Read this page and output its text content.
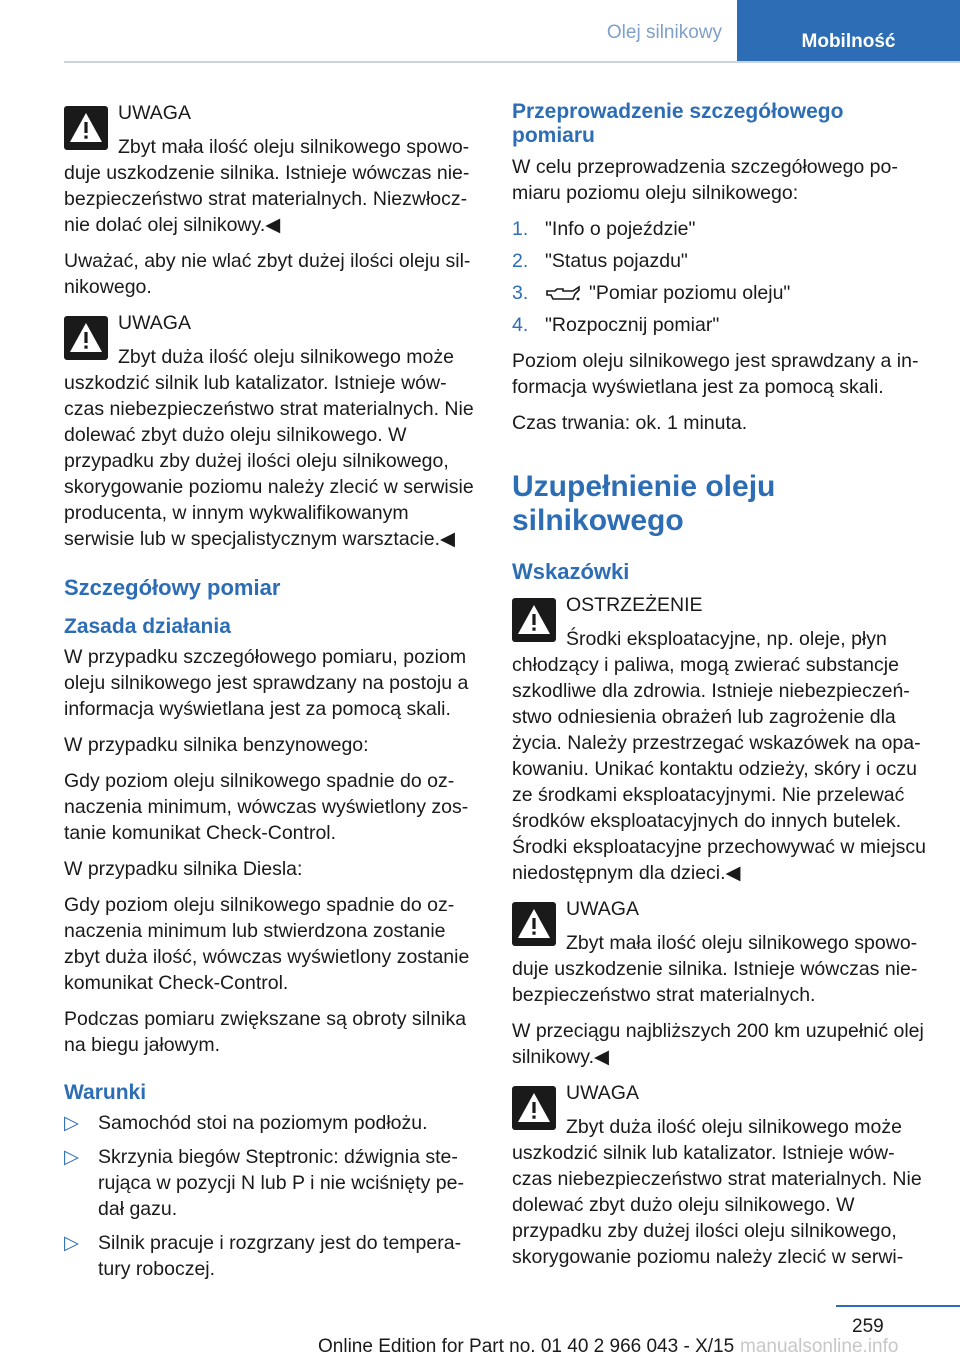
Olej silnikowy	Mobilność
UWAGA

Zbyt mała ilość oleju silnikowego spowoduje uszkodzenie silnika. Istnieje wówczas niebezpieczeństwo strat materialnych. Niezwłocznie dolać olej silnikowy.◀

Uważać, aby nie wlać zbyt dużej ilości oleju silnikowego.

UWAGA

Zbyt duża ilość oleju silnikowego może uszkodzić silnik lub katalizator. Istnieje wówczas niebezpieczeństwo strat materialnych. Nie dolewać zbyt dużo oleju silnikowego. W przypadku zby dużej ilości oleju silnikowego, skorygowanie poziomu należy zlecić w serwisie producenta, w innym wykwalifikowanym serwisie lub w specjalistycznym warsztacie.◀

Szczegółowy pomiar
Zasada działania

W przypadku szczegółowego pomiaru, poziom oleju silnikowego jest sprawdzany na postoju a informacja wyświetlana jest za pomocą skali.

W przypadku silnika benzynowego:

Gdy poziom oleju silnikowego spadnie do oznaczenia minimum, wówczas wyświetlony zostanie komunikat Check-Control.

W przypadku silnika Diesla:

Gdy poziom oleju silnikowego spadnie do oznaczenia minimum lub stwierdzona zostanie zbyt duża ilość, wówczas wyświetlony zostanie komunikat Check-Control.

Podczas pomiaru zwiększane są obroty silnika na biegu jałowym.

Warunki
▷ Samochód stoi na poziomym podłożu.
▷ Skrzynia biegów Steptronic: dźwignia sterująca w pozycji N lub P i nie wciśnięty pedał gazu.
▷ Silnik pracuje i rozgrzany jest do temperatury roboczej.
Przeprowadzenie szczegółowego pomiaru

W celu przeprowadzenia szczegółowego pomiaru poziomu oleju silnikowego:

1. "Info o pojeździe"
2. "Status pojazdu"
3.	"Pomiar poziomu oleju"
4. "Rozpocznij pomiar"

Poziom oleju silnikowego jest sprawdzany a informacja wyświetlana jest za pomocą skali.

Czas trwania: ok. 1 minuta.

Uzupełnienie oleju silnikowego
Wskazówki
OSTRZEŻENIE

Środki eksploatacyjne, np. oleje, płyn chłodzący i paliwa, mogą zwierać substancje szkodliwe dla zdrowia. Istnieje niebezpieczeństwo odniesienia obrażeń lub zagrożenie dla życia. Należy przestrzegać wskazówek na opakowaniu. Unikać kontaktu odzieży, skóry i oczu ze środkami eksploatacyjnymi. Nie przelewać środków eksploatacyjnych do innych butelek. Środki eksploatacyjne przechowywać w miejscu niedostępnym dla dzieci.◀

UWAGA

Zbyt mała ilość oleju silnikowego spowoduje uszkodzenie silnika. Istnieje wówczas niebezpieczeństwo strat materialnych.

W przeciągu najbliższych 200 km uzupełnić olej silnikowy.◀

UWAGA

Zbyt duża ilość oleju silnikowego może uszkodzić silnik lub katalizator. Istnieje wówczas niebezpieczeństwo strat materialnych. Nie dolewać zbyt dużo oleju silnikowego. W przypadku zby dużej ilości oleju silnikowego, skorygowanie poziomu należy zlecić w serwi-

259
Online Edition for Part no. 01 40 2 966 043 - X/15 manualsonline.info
